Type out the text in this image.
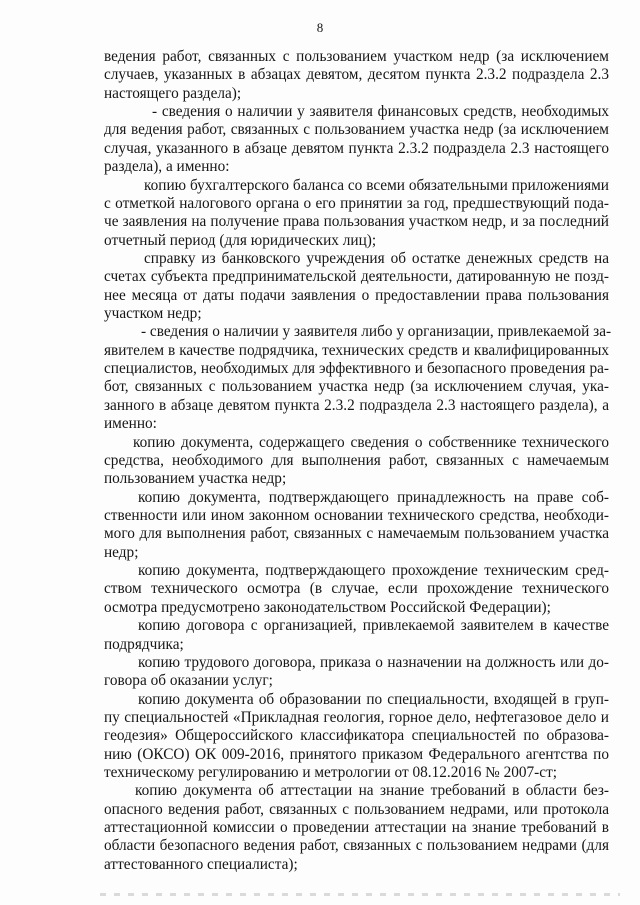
8
ведения работ, связанных с пользованием участком недр (за исключением
случаев, указанных в абзацах девятом, десятом пункта 2.3.2 подраздела 2.3
настоящего раздела);
- сведения о наличии у заявителя финансовых средств, необходимых
для ведения работ, связанных с пользованием участка недр (за исключением
случая, указанного в абзаце девятом пункта 2.3.2 подраздела 2.3 настоящего
раздела), а именно:
копию бухгалтерского баланса со всеми обязательными приложениями
с отметкой налогового органа о его принятии за год, предшествующий пода-
че заявления на получение права пользования участком недр, и за последний
отчетный период (для юридических лиц);
справку из банковского учреждения об остатке денежных средств на
счетах субъекта предпринимательской деятельности, датированную не позд-
нее месяца от даты подачи заявления о предоставлении права пользования
участком недр;
- сведения о наличии у заявителя либо у организации, привлекаемой за-
явителем в качестве подрядчика, технических средств и квалифицированных
специалистов, необходимых для эффективного и безопасного проведения ра-
бот, связанных с пользованием участка недр (за исключением случая, ука-
занного в абзаце девятом пункта 2.3.2 подраздела 2.3 настоящего раздела), а
именно:
копию документа, содержащего сведения о собственнике технического
средства, необходимого для выполнения работ, связанных с намечаемым
пользованием участка недр;
копию документа, подтверждающего принадлежность на праве соб-
ственности или ином законном основании технического средства, необходи-
мого для выполнения работ, связанных с намечаемым пользованием участка
недр;
копию документа, подтверждающего прохождение техническим сред-
ством технического осмотра (в случае, если прохождение технического
осмотра предусмотрено законодательством Российской Федерации);
копию договора с организацией, привлекаемой заявителем в качестве
подрядчика;
копию трудового договора, приказа о назначении на должность или до-
говора об оказании услуг;
копию документа об образовании по специальности, входящей в груп-
пу специальностей «Прикладная геология, горное дело, нефтегазовое дело и
геодезия» Общероссийского классификатора специальностей по образова-
нию (ОКСО) ОК 009-2016, принятого приказом Федерального агентства по
техническому регулированию и метрологии от 08.12.2016 № 2007-ст;
копию документа об аттестации на знание требований в области без-
опасного ведения работ, связанных с пользованием недрами, или протокола
аттестационной комиссии о проведении аттестации на знание требований в
области безопасного ведения работ, связанных с пользованием недрами (для
аттестованного специалиста);
